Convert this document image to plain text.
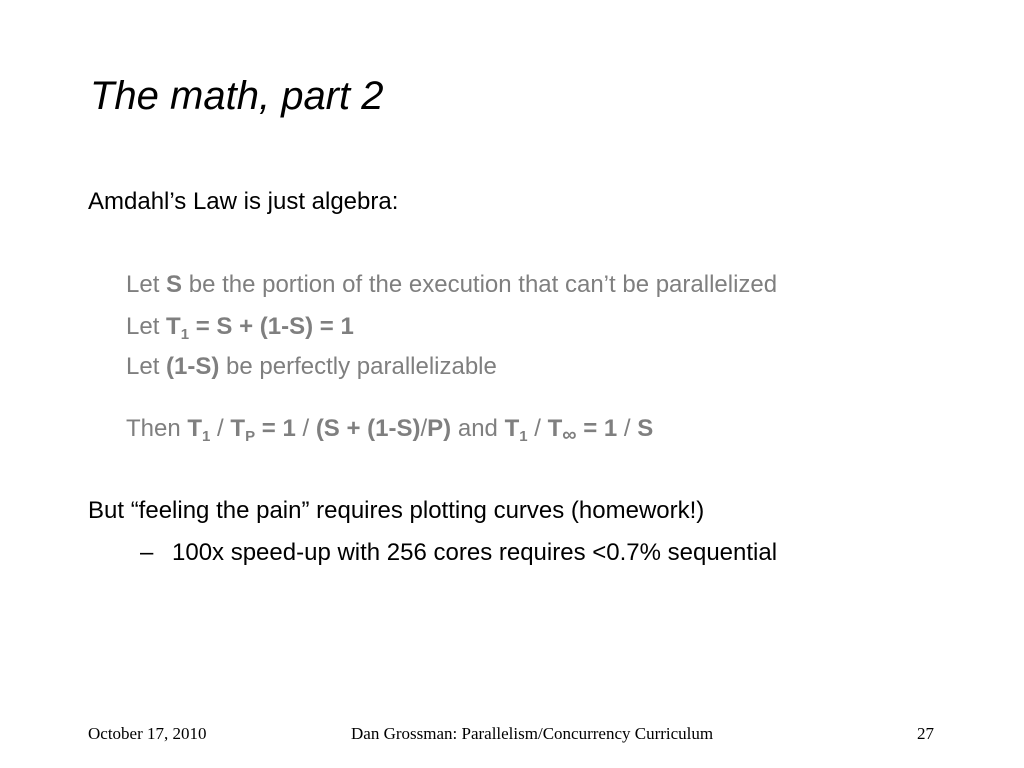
The math, part 2
Amdahl’s Law is just algebra:
Let S be the portion of the execution that can’t be parallelized
Let $T_1 = S + (1-S) = 1$
Let (1-S) be perfectly parallelizable
Then $T_1 / T_P = 1 / (S + (1-S)/P)$ and $T_1 / T_\infty = 1 / S$
But “feeling the pain” requires plotting curves (homework!)
– 100x speed-up with 256 cores requires <0.7% sequential
October 17, 2010	Dan Grossman: Parallelism/Concurrency Curriculum	27
